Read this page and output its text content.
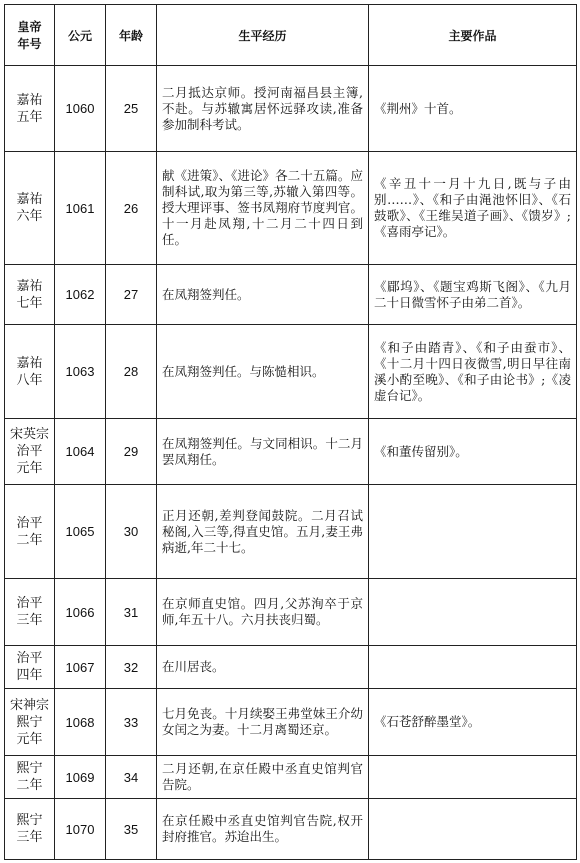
皇帝
年号	公元	年龄	生平经历	主要作品

嘉祐
五年	1060	25	二月抵达京师。授河南福昌县主簿,不赴。与苏辙寓居怀远驿攻读,准备参加制科考试。	《荆州》十首。

嘉祐
六年	1061	26	献《进策》、《进论》各二十五篇。应制科试,取为第三等,苏辙入第四等。授大理评事、签书凤翔府节度判官。十一月赴凤翔,十二月二十四日到任。	《辛丑十一月十九日,既与子由别……》、《和子由渑池怀旧》、《石鼓歌》、《王维吴道子画》、《馈岁》;《喜雨亭记》。

嘉祐
七年	1062	27	在凤翔签判任。	《郿坞》、《题宝鸡斯飞阁》、《九月二十日微雪怀子由弟二首》。

嘉祐
八年	1063	28	在凤翔签判任。与陈慥相识。	《和子由踏青》、《和子由蚕市》、《十二月十四日夜微雪,明日早往南溪小酌至晚》、《和子由论书》;《凌虚台记》。

宋英宗
治平
元年	1064	29	在凤翔签判任。与文同相识。十二月罢凤翔任。	《和董传留别》。

治平
二年	1065	30	正月还朝,差判登闻鼓院。二月召试秘阁,入三等,得直史馆。五月,妻王弗病逝,年二十七。	

治平
三年	1066	31	在京师直史馆。四月,父苏洵卒于京师,年五十八。六月扶丧归蜀。	

治平
四年	1067	32	在川居丧。	

宋神宗
熙宁
元年	1068	33	七月免丧。十月续娶王弗堂妹王介幼女闰之为妻。十二月离蜀还京。	《石苍舒醉墨堂》。

熙宁
二年	1069	34	二月还朝,在京任殿中丞直史馆判官告院。	

熙宁
三年	1070	35	在京任殿中丞直史馆判官告院,权开封府推官。苏迨出生。	
